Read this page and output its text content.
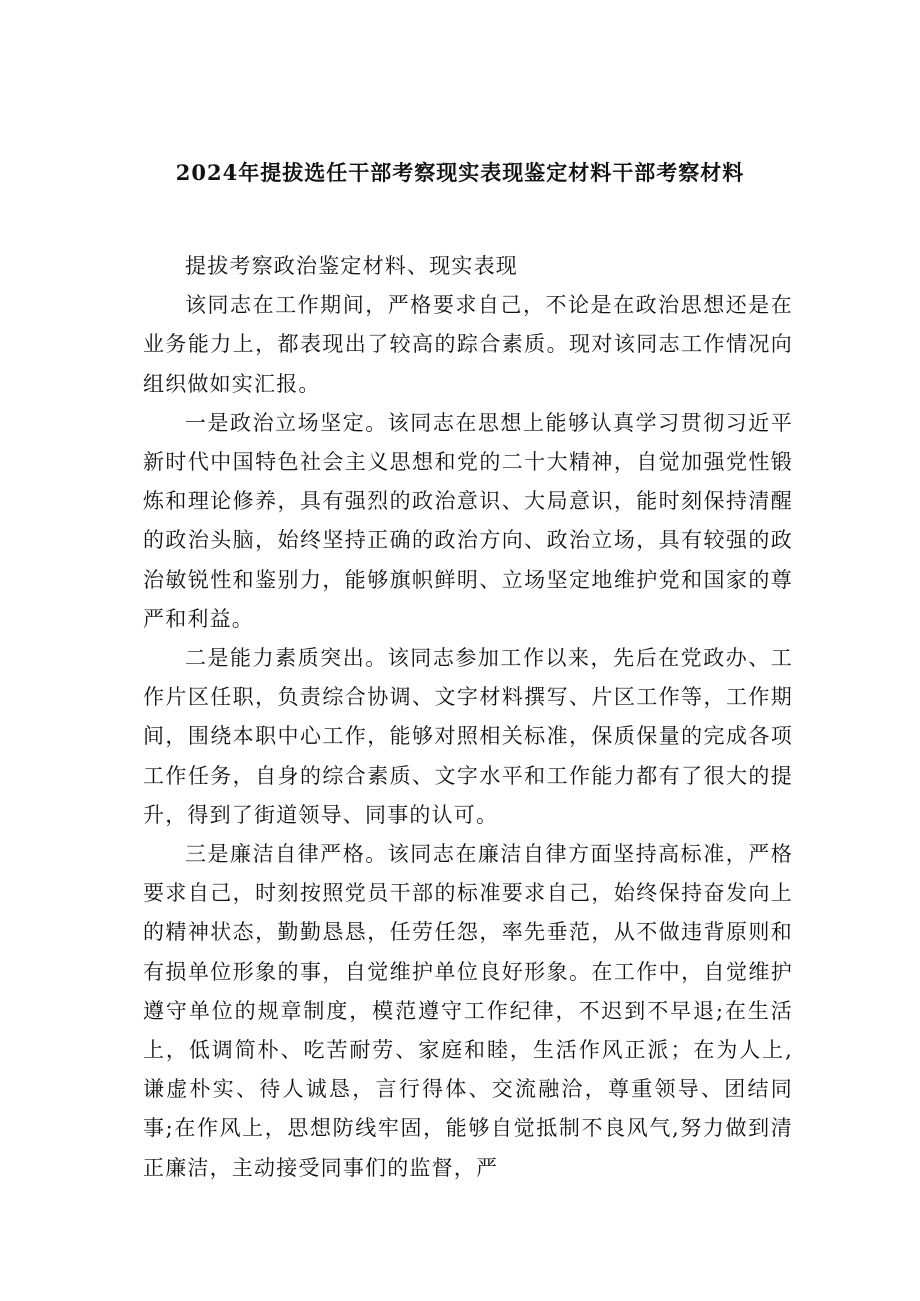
2024年提拔选任干部考察现实表现鉴定材料干部考察材料

提拔考察政治鉴定材料、现实表现

该同志在工作期间，严格要求自己，不论是在政治思想还是在业务能力上，都表现出了较高的踪合素质。现对该同志工作情况向组织做如实汇报。

一是政治立场坚定。该同志在思想上能够认真学习贯彻习近平新时代中国特色社会主义思想和党的二十大精神，自觉加强党性锻炼和理论修养，具有强烈的政治意识、大局意识，能时刻保持清醒的政治头脑，始终坚持正确的政治方向、政治立场，具有较强的政治敏锐性和鉴别力，能够旗帜鲜明、立场坚定地维护党和国家的尊严和利益。

二是能力素质突出。该同志参加工作以来，先后在党政办、工作片区任职，负责综合协调、文字材料撰写、片区工作等，工作期间，围绕本职中心工作，能够对照相关标准，保质保量的完成各项工作任务，自身的综合素质、文字水平和工作能力都有了很大的提升，得到了街道领导、同事的认可。

三是廉洁自律严格。该同志在廉洁自律方面坚持高标准，严格要求自己，时刻按照党员干部的标准要求自己，始终保持奋发向上的精神状态，勤勤恳恳，任劳任怨，率先垂范，从不做违背原则和有损单位形象的事，自觉维护单位良好形象。在工作中，自觉维护遵守单位的规章制度，模范遵守工作纪律，不迟到不早退;在生活上，低调简朴、吃苦耐劳、家庭和睦，生活作风正派；在为人上,谦虚朴实、待人诚恳，言行得体、交流融洽，尊重领导、团结同事;在作风上，思想防线牢固，能够自觉抵制不良风气,努力做到清正廉洁，主动接受同事们的监督，严
